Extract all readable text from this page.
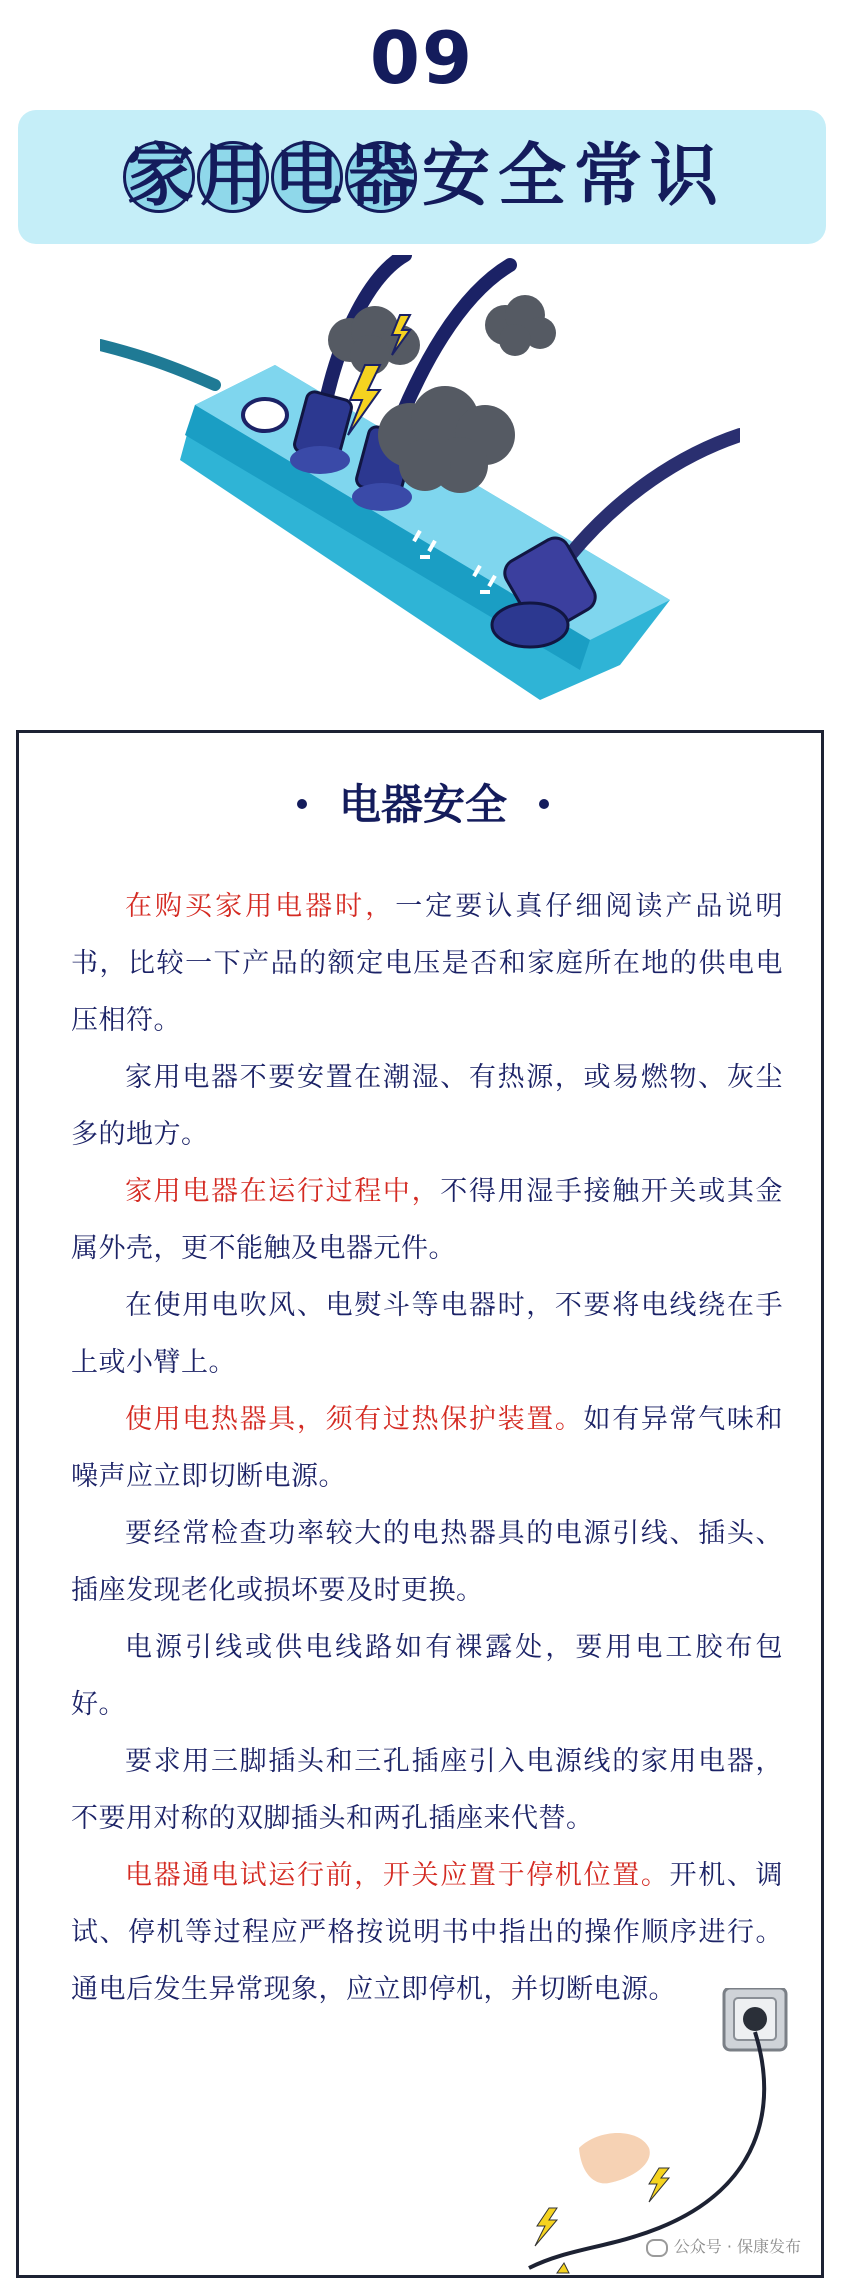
09
家 用 电 器 安 全 常 识
电器安全

在购买家用电器时，一定要认真仔细阅读产品说明书，比较一下产品的额定电压是否和家庭所在地的供电电压相符。

家用电器不要安置在潮湿、有热源，或易燃物、灰尘多的地方。

家用电器在运行过程中，不得用湿手接触开关或其金属外壳，更不能触及电器元件。

在使用电吹风、电熨斗等电器时，不要将电线绕在手上或小臂上。

使用电热器具，须有过热保护装置。如有异常气味和噪声应立即切断电源。

要经常检查功率较大的电热器具的电源引线、插头、插座发现老化或损坏要及时更换。

电源引线或供电线路如有裸露处，要用电工胶布包好。

要求用三脚插头和三孔插座引入电源线的家用电器，不要用对称的双脚插头和两孔插座来代替。

电器通电试运行前，开关应置于停机位置。开机、调试、停机等过程应严格按说明书中指出的操作顺序进行。通电后发生异常现象，应立即停机，并切断电源。

公众号 · 保康发布
